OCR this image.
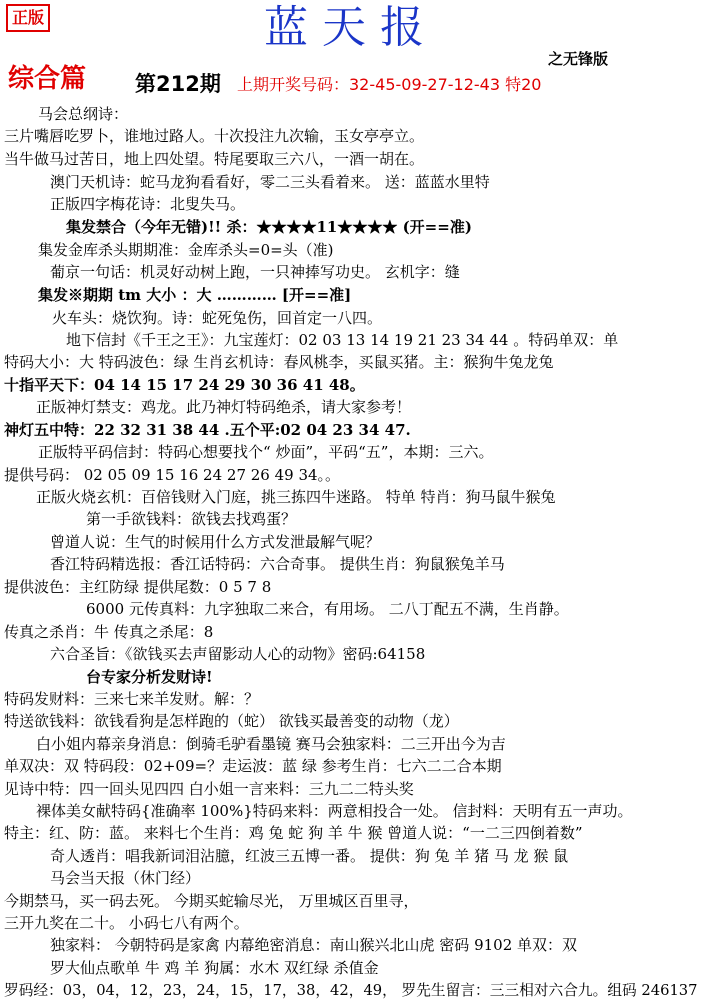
正版	蓝天报
之无锋版
综合篇 第212期 上期开奖号码：32-45-09-27-12-43 特20
马会总纲诗：
三片嘴唇吃罗卜，谁地过路人。十次投注九次输，玉女亭亭立。
当牛做马过苦日，地上四处望。特尾要取三六八，一酒一胡在。
澳门天机诗：蛇马龙狗看看好，零二三头看着来。 送：蓝蓝水里特
正版四字梅花诗：北叟失马。
集发禁合（今年无错)!! 杀：★★★★11★★★★ (开==准)
集发金库杀头期期准：金库杀头=0=头（准)
葡京一句话：机灵好动树上跑，一只神捧写功史。 玄机字：缝
集发※期期 tm 大小 ：大 ………… [开==准]
火车头：烧饮狗。诗：蛇死兔伤，回首定一八四。
地下信封《千王之王》：九宝莲灯：02 03 13 14 19 21 23 34 44 。特码单双：单
特码大小：大 特码波色：绿 生肖玄机诗：春风桃李，买鼠买猪。主：猴狗牛兔龙兔
十指平天下：04 14 15 17 24 29 30 36 41 48。
正版神灯禁支：鸡龙。此乃神灯特码绝杀，请大家参考！
神灯五中特：22 32 31 38 44 .五个平:02 04 23 34 47.
正版特平码信封：特码心想要找个“ 炒面”，平码“五”，本期：三六。
提供号码： 02 05 09 15 16 24 27 26 49 34。。
正版火烧玄机：百倍钱财入门庭，挑三拣四牛迷路。 特单 特肖：狗马鼠牛猴兔
第一手欲钱料：欲钱去找鸡蛋？
曾道人说：生气的时候用什么方式发泄最解气呢？
香江特码精选报：香江话特码：六合奇事。 提供生肖：狗鼠猴兔羊马
提供波色：主红防绿 提供尾数：0 5 7 8
6000 元传真料：九字独取二来合，有用场。 二八丁配五不满，生肖静。
传真之杀肖：牛 传真之杀尾：8
六合圣旨：《欲钱买去声留影动人心的动物》密码:64158
台专家分析发财诗!
特码发财料：三来七来羊发财。解：？
特送欲钱料：欲钱看狗是怎样跑的（蛇） 欲钱买最善变的动物（龙）
白小姐内幕亲身消息：倒骑毛驴看墨镜 赛马会独家料：二三开出今为吉
单双决：双 特码段：02+09=？走运波：蓝 绿 参考生肖：七六二二合本期
见诗中特：四一回头见四四 白小姐一言来料：三九二二特头奖
裸体美女献特码{准确率 100%}特码来料：两意相投合一处。 信封料：天明有五一声功。
特主：红、防：蓝。 来料七个生肖：鸡 兔 蛇 狗 羊 牛 猴 曾道人说：“一二三四倒着数”
奇人透肖：唱我新词泪沾臆，红波三五博一番。 提供：狗 兔 羊 猪 马 龙 猴 鼠
马会当天报（休门经）
今期禁马，买一码去死。 今期买蛇输尽光， 万里城区百里寻，
三开九奖在二十。 小码七八有两个。
独家料： 今朝特码是家禽 内幕绝密消息：南山猴兴北山虎 密码 9102 单双：双
罗大仙点歌单 牛 鸡 羊 狗属：水木 双红绿 杀值金
罗码经：03，04，12，23，24，15，17，38，42，49， 罗先生留言：三三相对六合九。组码 246137
